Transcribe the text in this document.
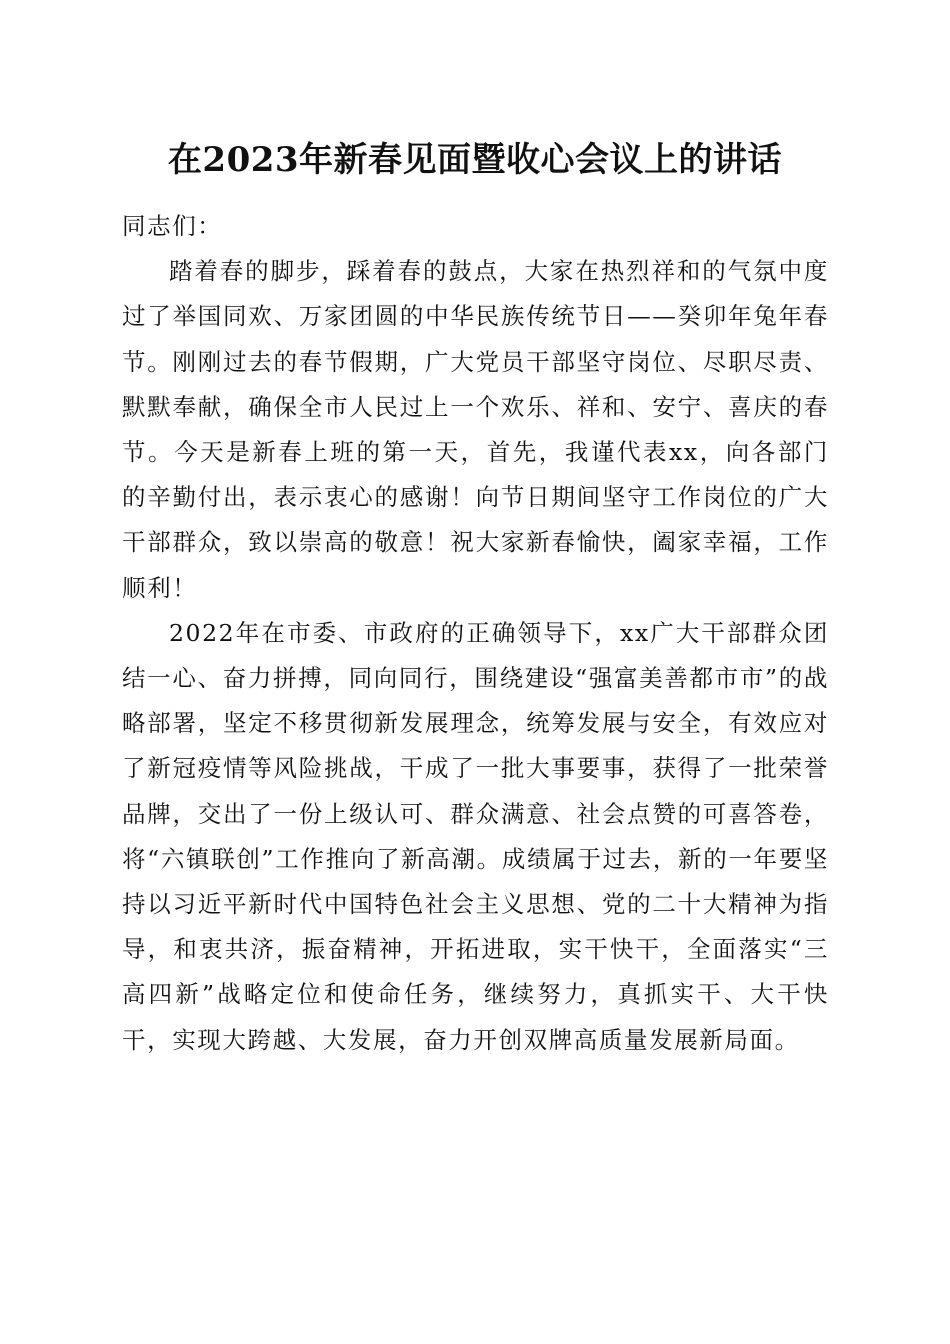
在2023年新春见面暨收心会议上的讲话

同志们：

踏着春的脚步，踩着春的鼓点，大家在热烈祥和的气氛中度过了举国同欢、万家团圆的中华民族传统节日——癸卯年兔年春节。刚刚过去的春节假期，广大党员干部坚守岗位、尽职尽责、默默奉献，确保全市人民过上一个欢乐、祥和、安宁、喜庆的春节。今天是新春上班的第一天，首先，我谨代表xx，向各部门的辛勤付出，表示衷心的感谢！向节日期间坚守工作岗位的广大干部群众，致以崇高的敬意！祝大家新春愉快，阖家幸福，工作顺利！

2022年在市委、市政府的正确领导下，xx广大干部群众团结一心、奋力拼搏，同向同行，围绕建设“强富美善都市市”的战略部署，坚定不移贯彻新发展理念，统筹发展与安全，有效应对了新冠疫情等风险挑战，干成了一批大事要事，获得了一批荣誉品牌，交出了一份上级认可、群众满意、社会点赞的可喜答卷，将“六镇联创”工作推向了新高潮。成绩属于过去，新的一年要坚持以习近平新时代中国特色社会主义思想、党的二十大精神为指导，和衷共济，振奋精神，开拓进取，实干快干，全面落实“三高四新”战略定位和使命任务，继续努力，真抓实干、大干快干，实现大跨越、大发展，奋力开创双牌高质量发展新局面。
